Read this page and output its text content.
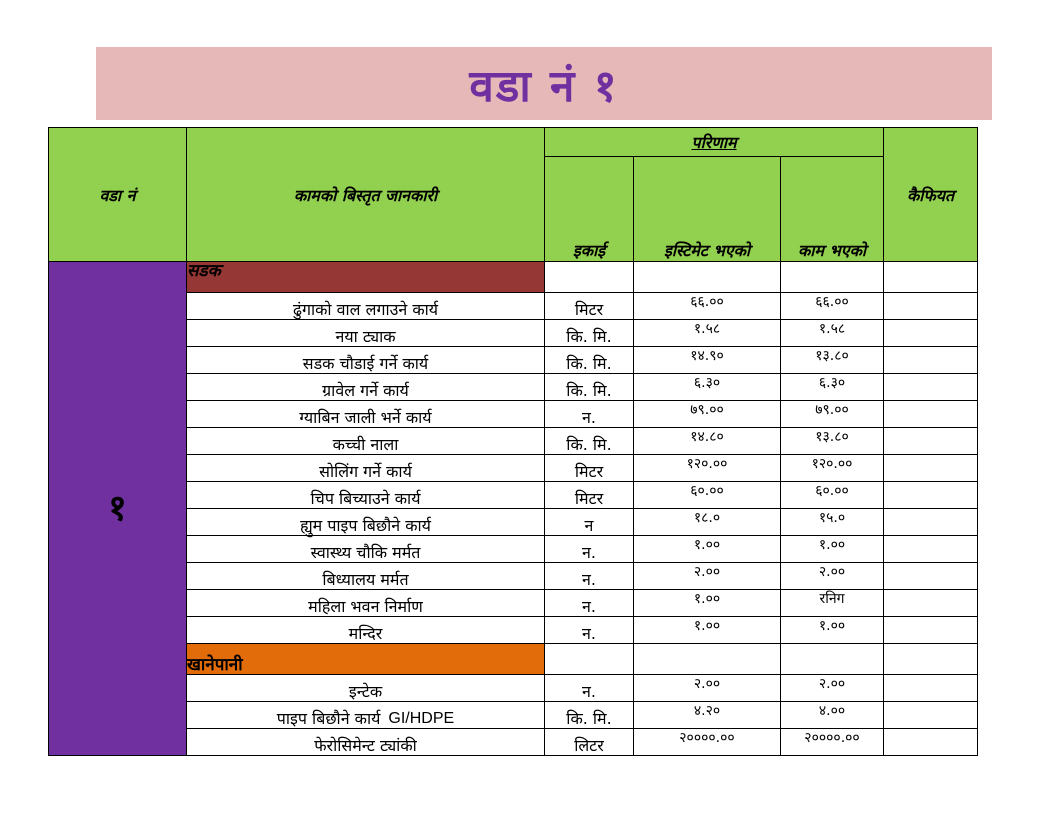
वडा नं १
वडा नं	कामको बिस्तृत जानकारी	परिणाम			कैफियत
		इकाई	इस्टिमेट भएको	काम भएको	
१	सडक				
	ढुंगाको वाल लगाउने कार्य	मिटर	६६.००	६६.००	
	नया ट्याक	कि. मि.	१.५८	१.५८	
	सडक चौडाई गर्ने कार्य	कि. मि.	१४.९०	१३.८०	
	ग्रावेल गर्ने कार्य	कि. मि.	६.३०	६.३०	
	ग्याबिन जाली भर्ने कार्य	न.	७९.००	७९.००	
	कच्ची नाला	कि. मि.	१४.८०	१३.८०	
	सोलिंग गर्ने कार्य	मिटर	१२०.००	१२०.००	
	चिप बिच्याउने कार्य	मिटर	६०.००	६०.००	
	ह्युम पाइप बिछौने कार्य	न	१८.०	१५.०	
	स्वास्थ्य चौकि मर्मत	न.	१.००	१.००	
	बिध्यालय मर्मत	न.	२.००	२.००	
	महिला भवन निर्माण	न.	१.००	रनिग	
	मन्दिर	न.	१.००	१.००	
	खानेपानी				
	इन्टेक	न.	२.००	२.००	
	पाइप बिछौने कार्य GI/HDPE	कि. मि.	४.२०	४.००	
	फेरोसिमेन्ट ट्यांकी	लिटर	२००००.००	२००००.००	
